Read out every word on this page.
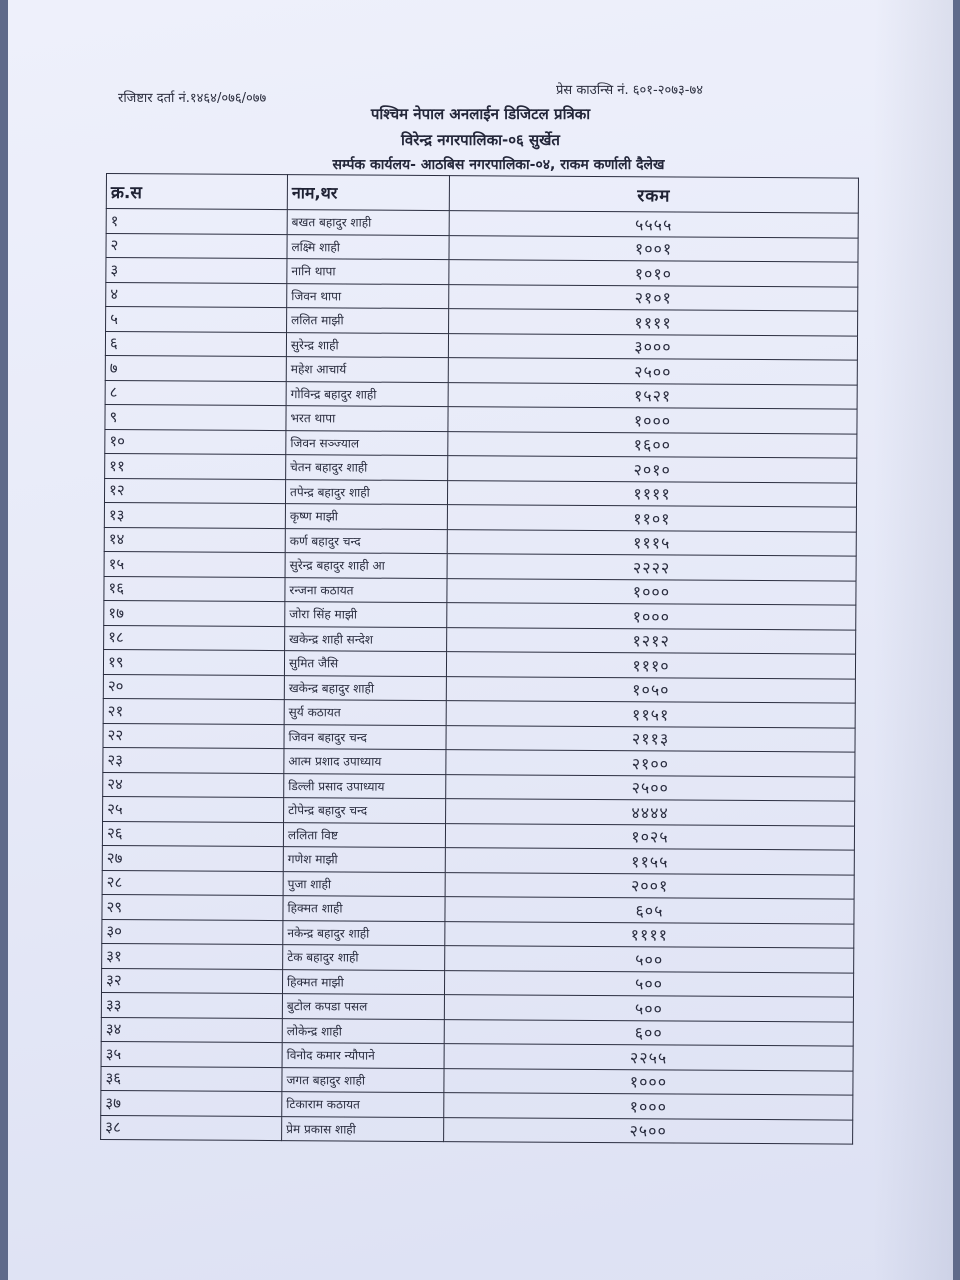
रजिष्टार दर्ता नं.१४६४/०७६/०७७
प्रेस काउन्सि नं. ६०१-२०७३-७४
पश्चिम नेपाल अनलाईन डिजिटल प्रत्रिका
विरेन्द्र नगरपालिका-०६ सुर्खेत
सर्म्पक कार्यलय- आठबिस नगरपालिका-०४, राकम कर्णाली दैलेख
क्र.स	नाम,थर	रकम
१	बखत बहादुर शाही	५५५५
२	लक्ष्मि शाही	१००१
३	नानि थापा	१०१०
४	जिवन थापा	२१०१
५	ललित माझी	११११
६	सुरेन्द्र शाही	३०००
७	महेश आचार्य	२५००
८	गोविन्द्र बहादुर शाही	१५२१
९	भरत थापा	१०००
१०	जिवन सञ्ज्याल	१६००
११	चेतन बहादुर शाही	२०१०
१२	तपेन्द्र बहादुर शाही	११११
१३	कृष्ण माझी	११०१
१४	कर्ण बहादुर चन्द	१११५
१५	सुरेन्द्र बहादुर शाही आ	२२२२
१६	रन्जना कठायत	१०००
१७	जोरा सिंह माझी	१०००
१८	खकेन्द्र शाही सन्देश	१२१२
१९	सुमित जैसि	१११०
२०	खकेन्द्र बहादुर शाही	१०५०
२१	सुर्य कठायत	११५१
२२	जिवन बहादुर चन्द	२११३
२३	आत्म प्रशाद उपाध्याय	२१००
२४	डिल्ली प्रसाद उपाध्याय	२५००
२५	टोपेन्द्र बहादुर चन्द	४४४४
२६	ललिता विष्ट	१०२५
२७	गणेश माझी	११५५
२८	पुजा शाही	२००१
२९	हिक्मत शाही	६०५
३०	नकेन्द्र बहादुर शाही	११११
३१	टेक बहादुर शाही	५००
३२	हिक्मत माझी	५००
३३	बुटोल कपडा पसल	५००
३४	लोकेन्द्र शाही	६००
३५	विनोद कमार न्यौपाने	२२५५
३६	जगत बहादुर शाही	१०००
३७	टिकाराम कठायत	१०००
३८	प्रेम प्रकास शाही	२५००
